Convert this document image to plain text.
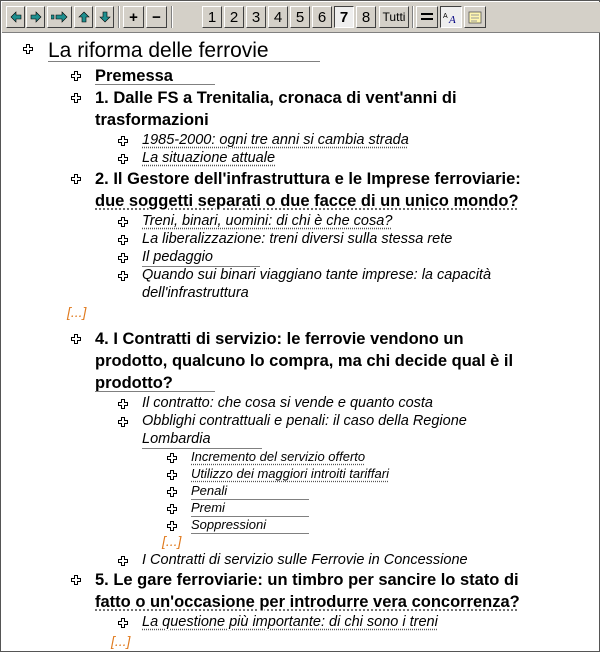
+ −	1 2 3 4 5 6 7 8	Tutti	A A
La riforma delle ferrovie
Premessa
1. Dalle FS a Trenitalia, cronaca di vent'anni di
trasformazioni
1985-2000: ogni tre anni si cambia strada
La situazione attuale
2. Il Gestore dell'infrastruttura e le Imprese ferroviarie:
due soggetti separati o due facce di un unico mondo?
Treni, binari, uomini: di chi è che cosa?
La liberalizzazione: treni diversi sulla stessa rete
Il pedaggio
Quando sui binari viaggiano tante imprese: la capacità
dell'infrastruttura
[...]
4. I Contratti di servizio: le ferrovie vendono un
prodotto, qualcuno lo compra, ma chi decide qual è il
prodotto?
Il contratto: che cosa si vende e quanto costa
Obblighi contrattuali e penali: il caso della Regione
Lombardia
Incremento del servizio offerto
Utilizzo dei maggiori introiti tariffari
Penali
Premi
Soppressioni
[...]
I Contratti di servizio sulle Ferrovie in Concessione
5. Le gare ferroviarie: un timbro per sancire lo stato di
fatto o un'occasione per introdurre vera concorrenza?
La questione più importante: di chi sono i treni
[...]
